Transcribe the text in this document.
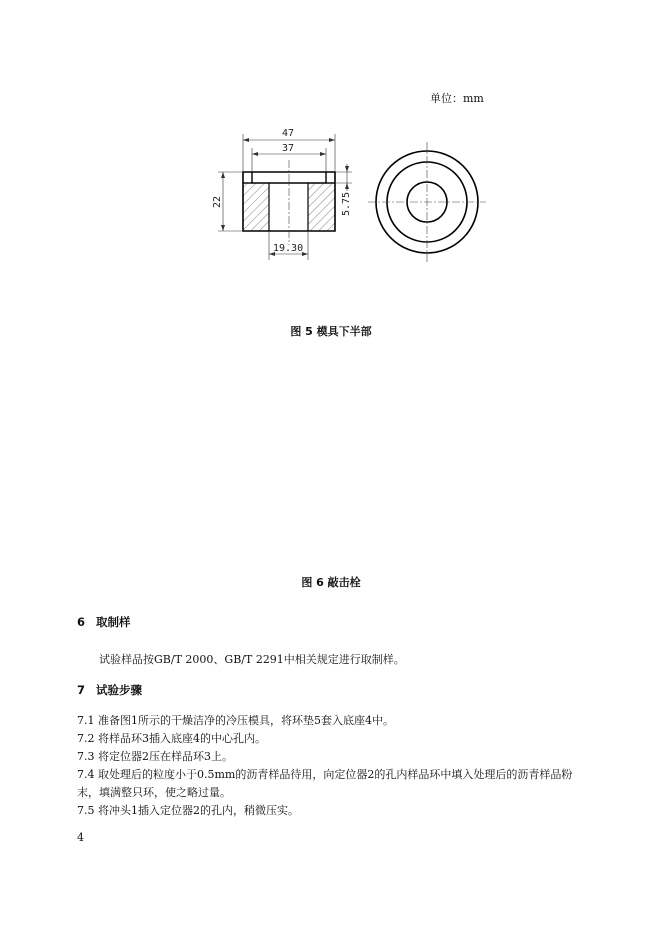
单位：mm
47
37
22	5.75
19.30
图 5 模具下半部
图 6 敲击栓
6 取制样
试验样品按GB/T 2000、GB/T 2291中相关规定进行取制样。
7 试验步骤
7.1 准备图1所示的干燥洁净的冷压模具，将环垫5套入底座4中。
7.2 将样品环3插入底座4的中心孔内。
7.3 将定位器2压在样品环3上。
7.4 取处理后的粒度小于0.5mm的沥青样品待用，向定位器2的孔内样品环中填入处理后的沥青样品粉
末，填满整只环，使之略过量。
7.5 将冲头1插入定位器2的孔内，稍微压实。
4
